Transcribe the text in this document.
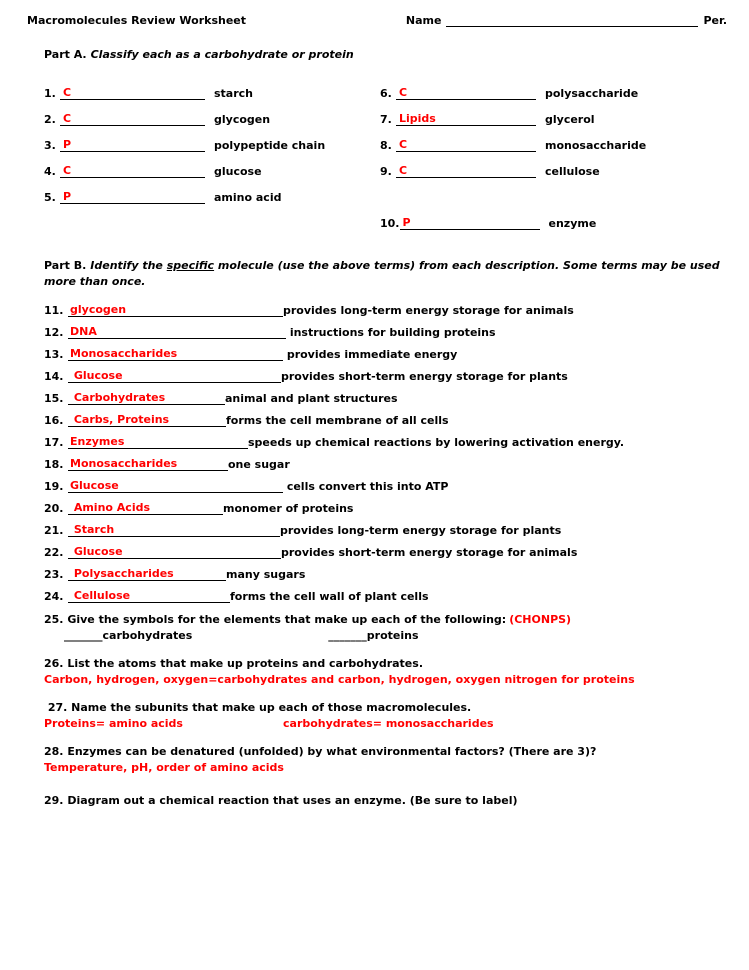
Macromolecules Review Worksheet	Name	Per.
Part A. Classify each as a carbohydrate or protein
1. C	starch
2. C	glycogen
3. P	polypeptide chain
4. C	glucose
5. P	amino acid
6. C	polysaccharide
7. Lipids	glycerol
8. C	monosaccharide
9. C	cellulose
10. P	enzyme
Part B. Identify the specific molecule (use the above terms) from each description. Some terms may be used more than once.
11. glycogen	provides long-term energy storage for animals
12. DNA	instructions for building proteins
13. Monosaccharides	provides immediate energy
14. Glucose	provides short-term energy storage for plants
15. Carbohydrates	animal and plant structures
16. Carbs, Proteins	forms the cell membrane of all cells
17. Enzymes	speeds up chemical reactions by lowering activation energy.
18. Monosaccharides	one sugar
19. Glucose	cells convert this into ATP
20. Amino Acids	monomer of proteins
21. Starch	provides long-term energy storage for plants
22. Glucose	provides short-term energy storage for animals
23. Polysaccharides	many sugars
24. Cellulose	forms the cell wall of plant cells
25. Give the symbols for the elements that make up each of the following: (CHONPS)
_______carbohydrates	_______proteins
26. List the atoms that make up proteins and carbohydrates.
Carbon, hydrogen, oxygen=carbohydrates and carbon, hydrogen, oxygen nitrogen for proteins
27. Name the subunits that make up each of those macromolecules.
Proteins= amino acids	carbohydrates= monosaccharides
28. Enzymes can be denatured (unfolded) by what environmental factors? (There are 3)?
Temperature, pH, order of amino acids
29. Diagram out a chemical reaction that uses an enzyme. (Be sure to label)
